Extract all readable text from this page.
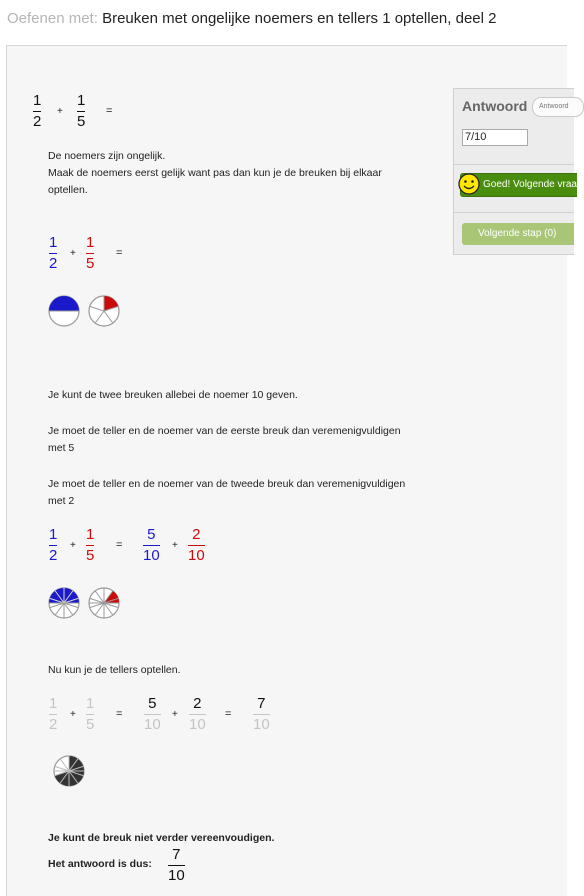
Oefenen met: Breuken met ongelijke noemers en tellers 1 optellen, deel 2
1
2
+
1
5
=
De noemers zijn ongelijk.
Maak de noemers eerst gelijk want pas dan kun je de breuken bij elkaar
optellen.
1
2
+
1
5
=
Je kunt de twee breuken allebei de noemer 10 geven.
Je moet de teller en de noemer van de eerste breuk dan veremenigvuldigen
met 5
Je moet de teller en de noemer van de tweede breuk dan veremenigvuldigen
met 2
1
2
+
1
5
=
5
10
+
2
10
Nu kun je de tellers optellen.
1
2
+
1
5
=
5
10
+
2
10
=
7
10
Je kunt de breuk niet verder vereenvoudigen.
Het antwoord is dus:
7
10
Antwoord	Antwoord
7/10
Goed! Volgende vraag
Volgende stap (0)
